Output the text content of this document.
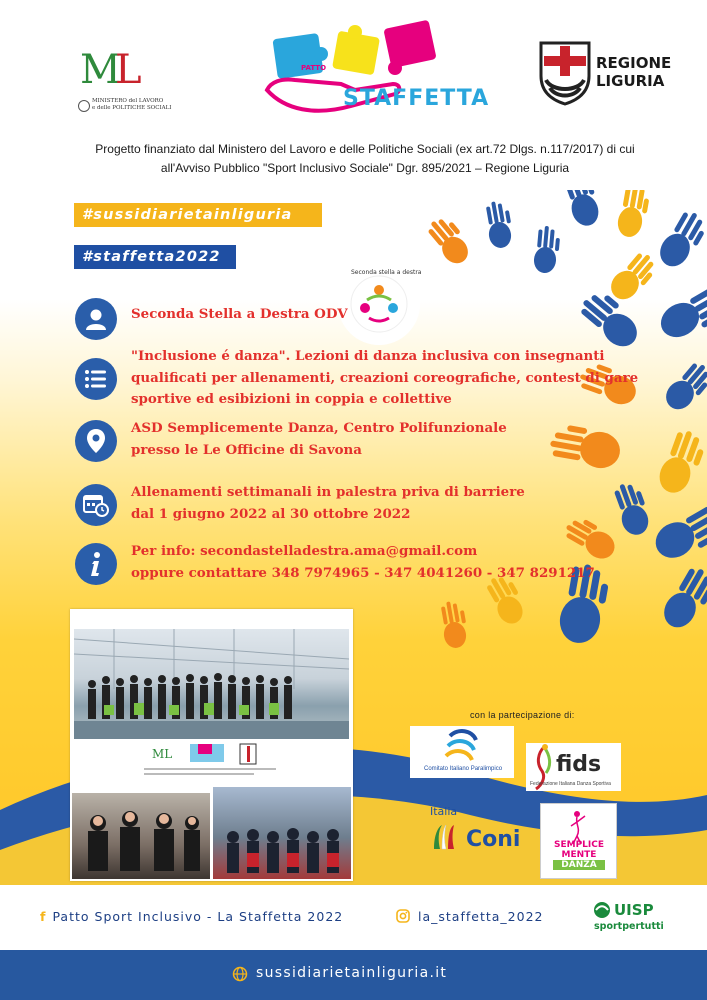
ML
MINISTERO del LAVORO
e delle POLITICHE SOCIALI
PATTO
STAFFETTA
REGIONE
LIGURIA
Progetto finanziato dal Ministero del Lavoro e delle Politiche Sociali (ex art.72 Dlgs. n.117/2017) di cui
all'Avviso Pubblico "Sport Inclusivo Sociale" Dgr. 895/2021 – Regione Liguria
#sussidiarietainliguria
#staffetta2022
Seconda stella a destra
Seconda Stella a Destra ODV
"Inclusione é danza". Lezioni di danza inclusiva con insegnanti
qualificati per allenamenti, creazioni coreografiche, contest di gare
sportive ed esibizioni in coppia e collettive
ASD Semplicemente Danza, Centro Polifunzionale
presso le Le Officine di Savona
Allenamenti settimanali in palestra priva di barriere
dal 1 giugno 2022 al 30 ottobre 2022
Per info: secondastelladestra.ama@gmail.com
oppure contattare 348 7974965 - 347 4041260 - 347 8291217
ML
con la partecipazione di:
Comitato Italiano Paralimpico fids
Federazione Italiana Danza Sportiva
Italia
Coni	SEMPLICE
MENTE
DANZA
f Patto Sport Inclusivo - La Staffetta 2022	la_staffetta_2022	UISP
sportpertutti
sussidiarietainliguria.it
